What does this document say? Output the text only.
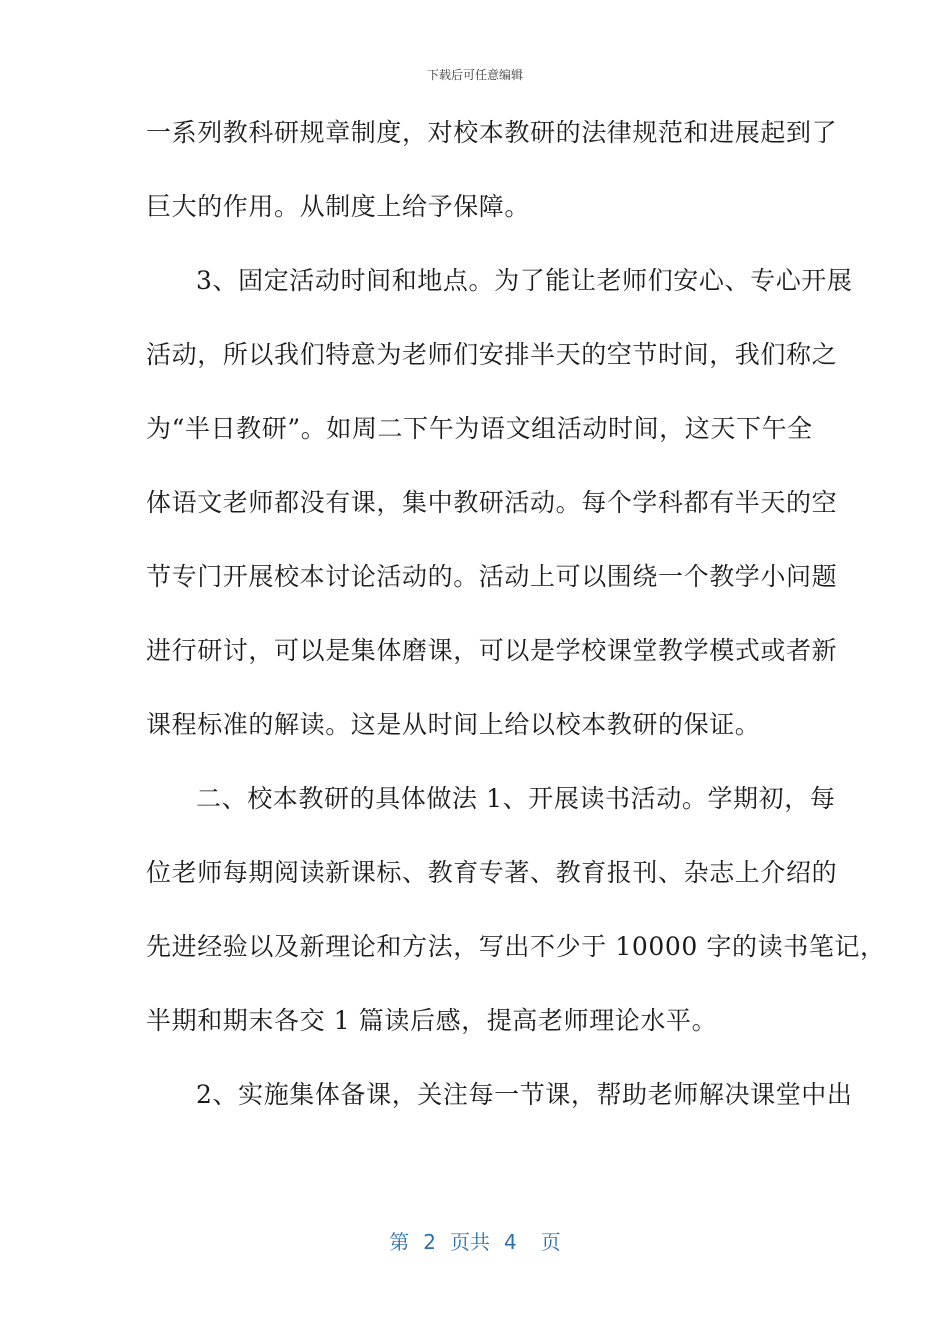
下载后可任意编辑
一系列教科研规章制度，对校本教研的法律规范和进展起到了
巨大的作用。从制度上给予保障。
3、固定活动时间和地点。为了能让老师们安心、专心开展
活动，所以我们特意为老师们安排半天的空节时间，我们称之
为“半日教研”。如周二下午为语文组活动时间，这天下午全
体语文老师都没有课，集中教研活动。每个学科都有半天的空
节专门开展校本讨论活动的。活动上可以围绕一个教学小问题
进行研讨，可以是集体磨课，可以是学校课堂教学模式或者新
课程标准的解读。这是从时间上给以校本教研的保证。
二、校本教研的具体做法 1、开展读书活动。学期初，每
位老师每期阅读新课标、教育专著、教育报刊、杂志上介绍的
先进经验以及新理论和方法，写出不少于 10000 字的读书笔记，
半期和期末各交 1 篇读后感，提高老师理论水平。
2、实施集体备课，关注每一节课，帮助老师解决课堂中出
第 2 页共 4 页
